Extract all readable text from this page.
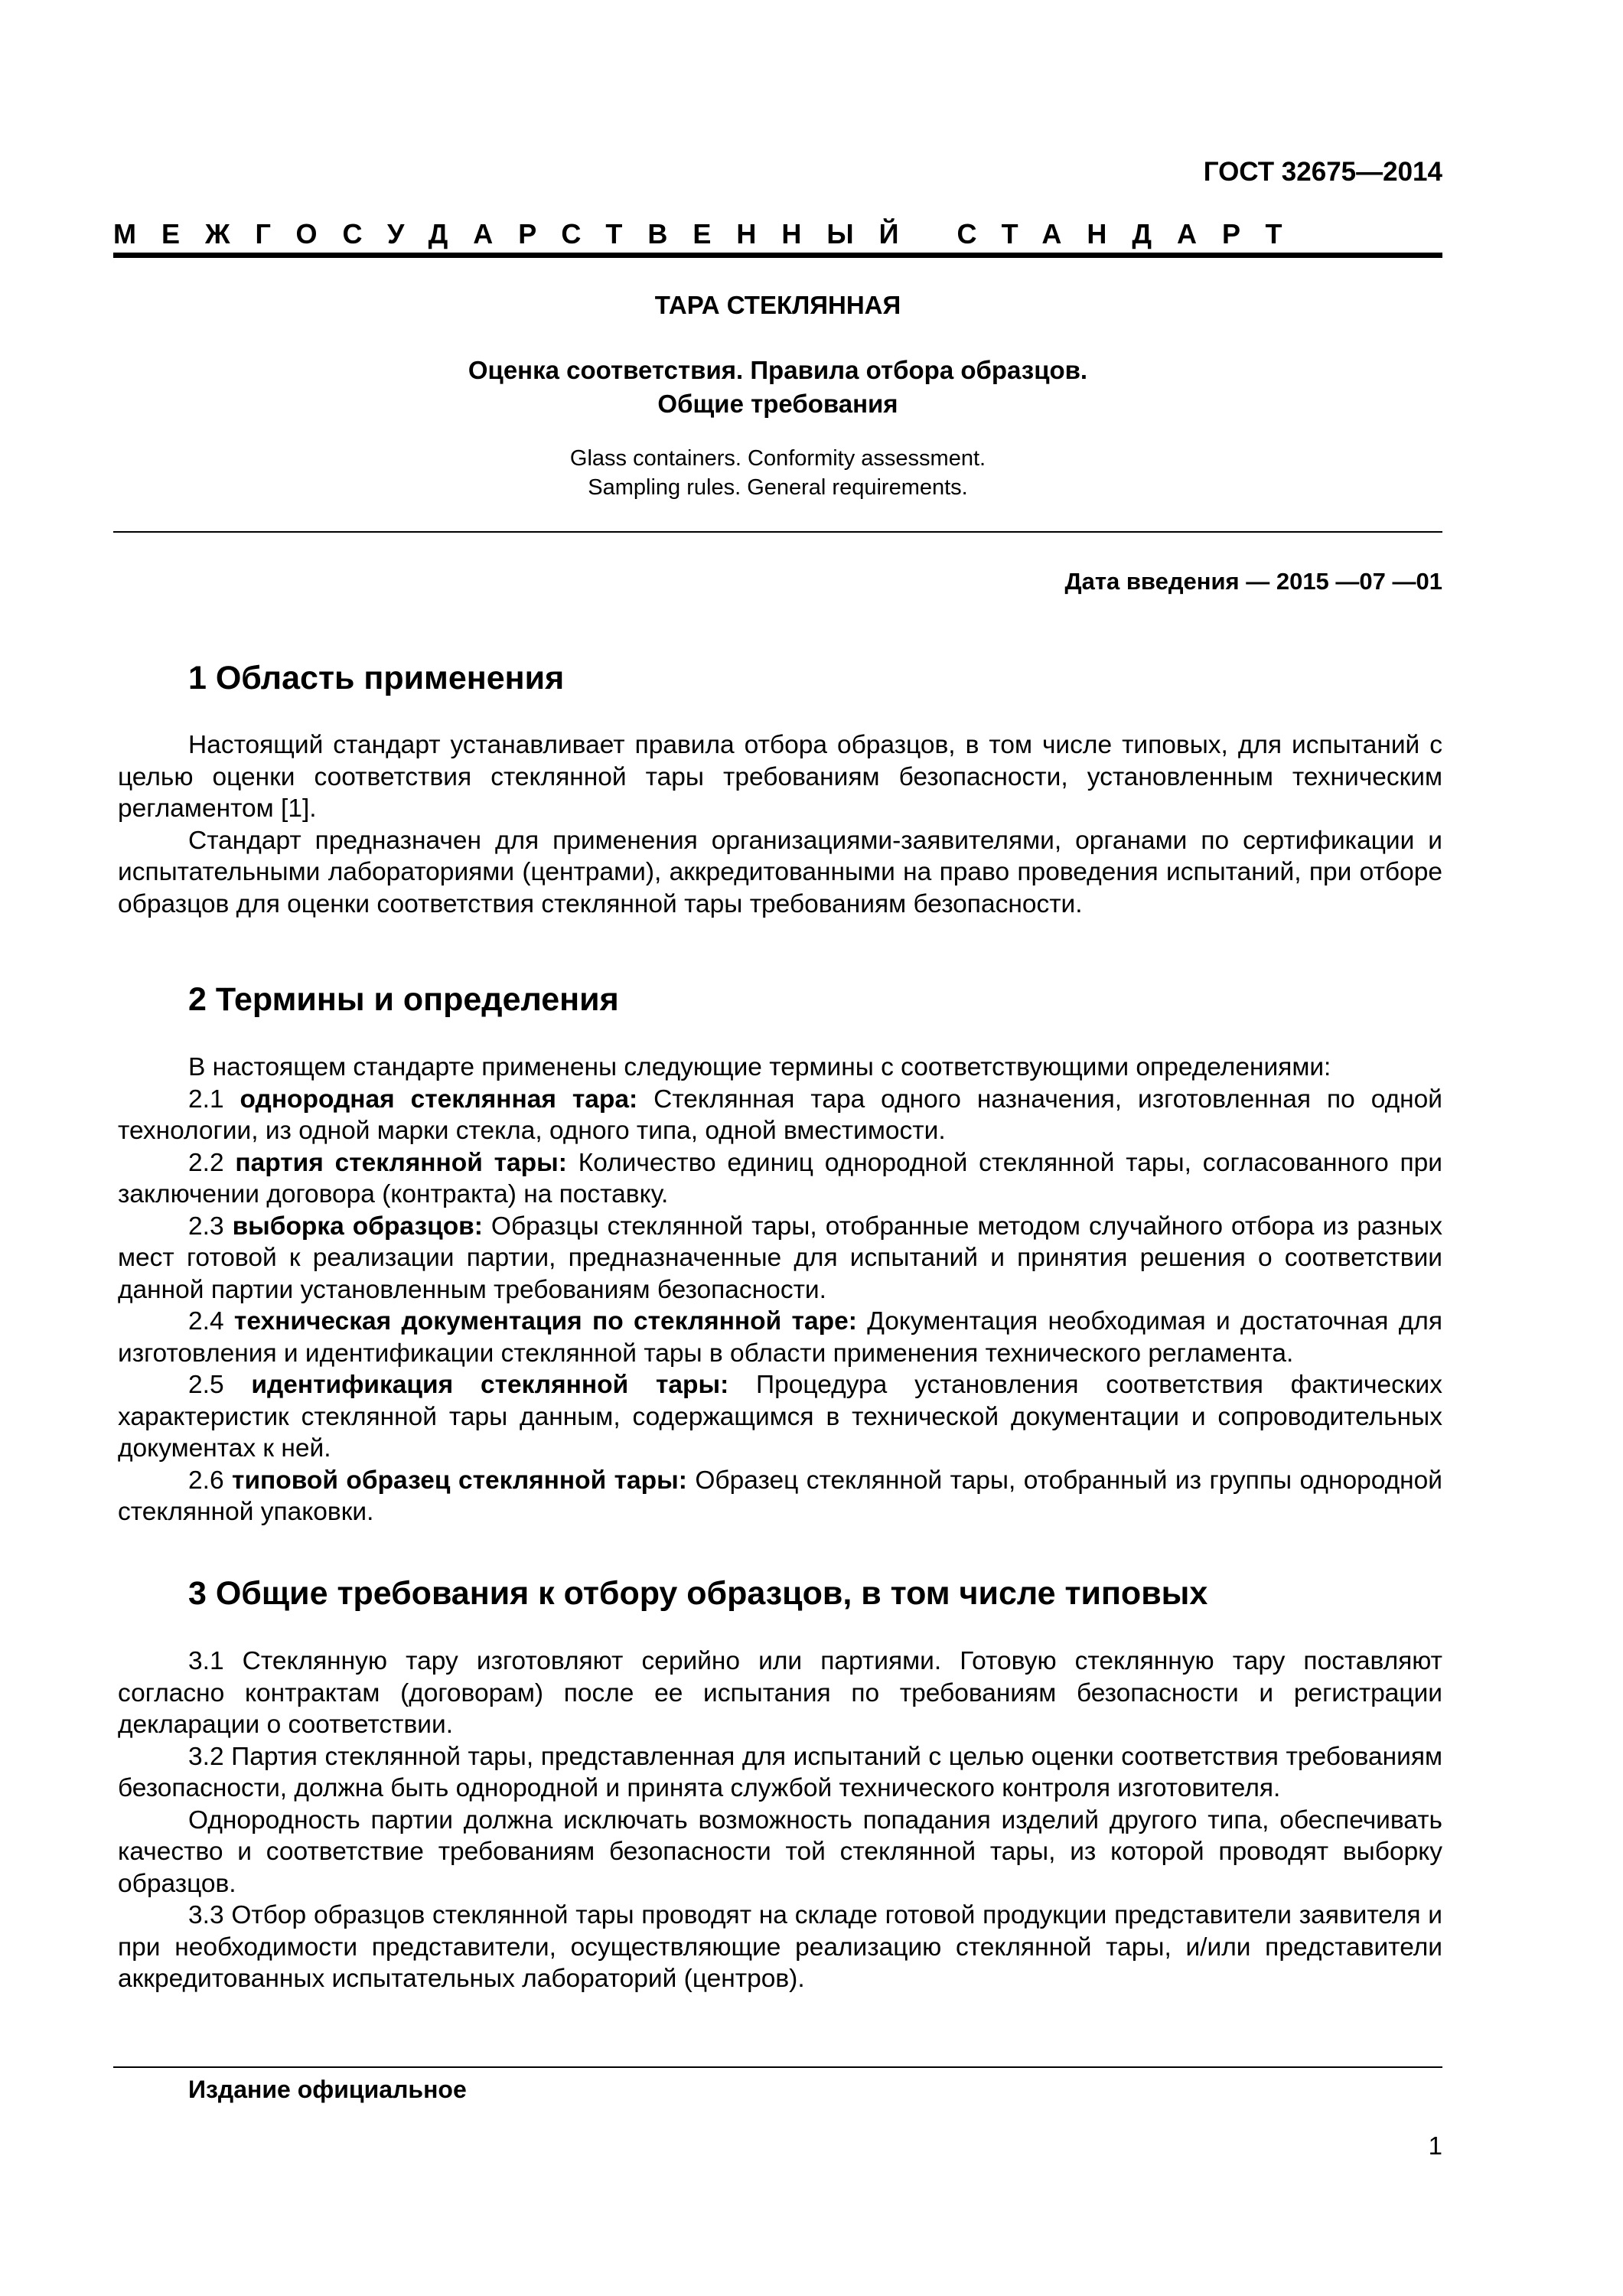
ГОСТ 32675—2014
МЕЖГОСУДАРСТВЕННЫЙ СТАНДАРТ
ТАРА СТЕКЛЯННАЯ
Оценка соответствия. Правила отбора образцов.
Общие требования
Glass containers. Conformity assessment.
Sampling rules. General requirements.
Дата введения — 2015 —07 —01
1 Область применения

Настоящий стандарт устанавливает правила отбора образцов, в том числе типовых, для испытаний с целью оценки соответствия стеклянной тары требованиям безопасности, установленным техническим регламентом [1].

Стандарт предназначен для применения организациями-заявителями, органами по сертификации и испытательными лабораториями (центрами), аккредитованными на право проведения испытаний, при отборе образцов для оценки соответствия стеклянной тары требованиям безопасности.

2 Термины и определения

В настоящем стандарте применены следующие термины с соответствующими определениями:

2.1 однородная стеклянная тара: Стеклянная тара одного назначения, изготовленная по одной технологии, из одной марки стекла, одного типа, одной вместимости.

2.2 партия стеклянной тары: Количество единиц однородной стеклянной тары, согласованного при заключении договора (контракта) на поставку.

2.3 выборка образцов: Образцы стеклянной тары, отобранные методом случайного отбора из разных мест готовой к реализации партии, предназначенные для испытаний и принятия решения о соответствии данной партии установленным требованиям безопасности.

2.4 техническая документация по стеклянной таре: Документация необходимая и достаточная для изготовления и идентификации стеклянной тары в области применения технического регламента.

2.5 идентификация стеклянной тары: Процедура установления соответствия фактических характеристик стеклянной тары данным, содержащимся в технической документации и сопроводительных документах к ней.

2.6 типовой образец стеклянной тары: Образец стеклянной тары, отобранный из группы однородной стеклянной упаковки.

3 Общие требования к отбору образцов, в том числе типовых

3.1 Стеклянную тару изготовляют серийно или партиями. Готовую стеклянную тару поставляют согласно контрактам (договорам) после ее испытания по требованиям безопасности и регистрации декларации о соответствии.

3.2 Партия стеклянной тары, представленная для испытаний с целью оценки соответствия требованиям безопасности, должна быть однородной и принята службой технического контроля изготовителя.

Однородность партии должна исключать возможность попадания изделий другого типа, обеспечивать качество и соответствие требованиям безопасности той стеклянной тары, из которой проводят выборку образцов.

3.3 Отбор образцов стеклянной тары проводят на складе готовой продукции представители заявителя и при необходимости представители, осуществляющие реализацию стеклянной тары, и/или представители аккредитованных испытательных лабораторий (центров).

Издание официальное
1
